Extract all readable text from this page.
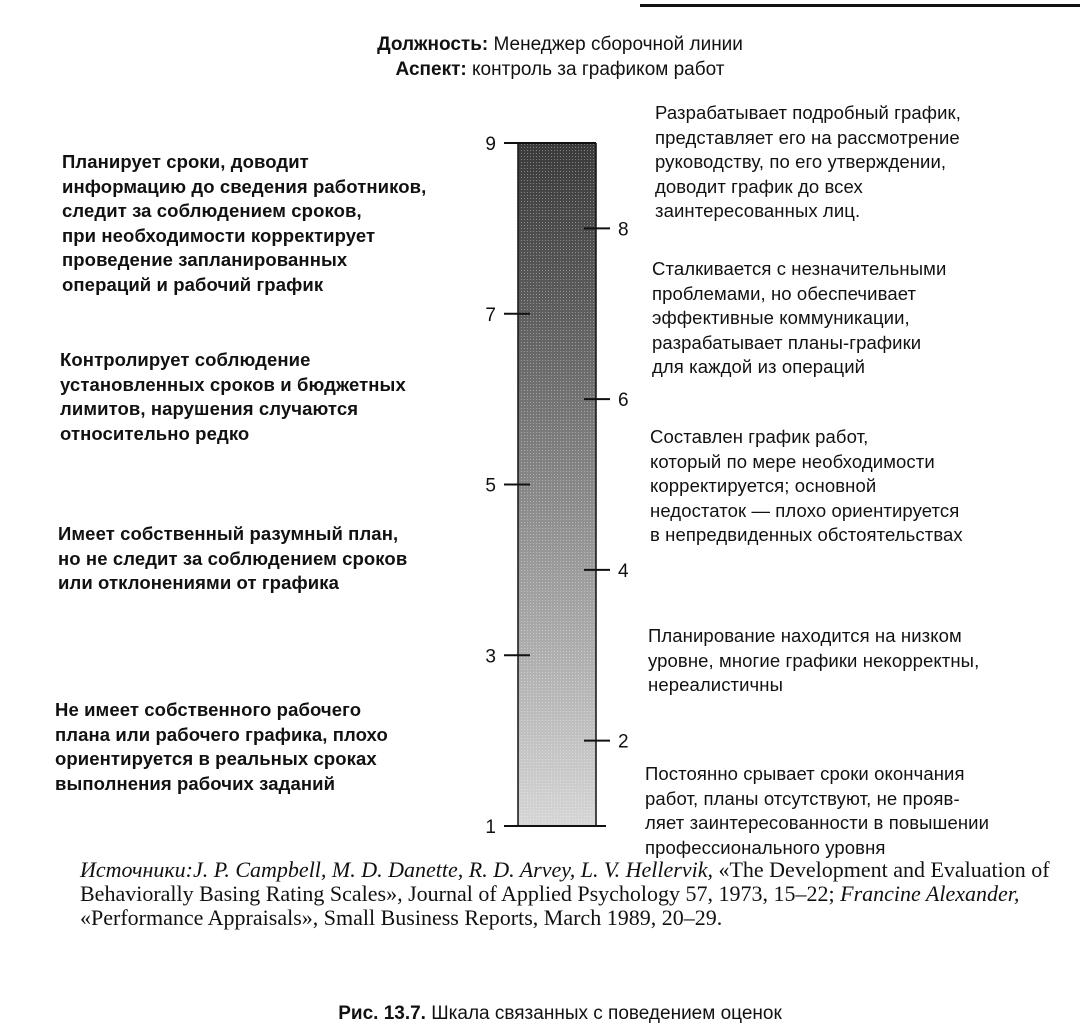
Должность: Менеджер сборочной линии
Аспект: контроль за графиком работ
9
7
5
3
1
8
6
4
2
Планирует сроки, доводит
информацию до сведения работников,
следит за соблюдением сроков,
при необходимости корректирует
проведение запланированных
операций и рабочий график
Контролирует соблюдение
установленных сроков и бюджетных
лимитов, нарушения случаются
относительно редко
Имеет собственный разумный план,
но не следит за соблюдением сроков
или отклонениями от графика
Не имеет собственного рабочего
плана или рабочего графика, плохо
ориентируется в реальных сроках
выполнения рабочих заданий
Разрабатывает подробный график,
представляет его на рассмотрение
руководству, по его утверждении,
доводит график до всех
заинтересованных лиц.
Сталкивается с незначительными
проблемами, но обеспечивает
эффективные коммуникации,
разрабатывает планы-графики
для каждой из операций
Составлен график работ,
который по мере необходимости
корректируется; основной
недостаток — плохо ориентируется
в непредвиденных обстоятельствах
Планирование находится на низком
уровне, многие графики некорректны,
нереалистичны
Постоянно срывает сроки окончания
работ, планы отсутствуют, не прояв-
ляет заинтересованности в повышении
профессионального уровня
Источники:J. P. Campbell, M. D. Danette, R. D. Arvey, L. V. Hellervik, «The Development and Evaluation of Behaviorally Basing Rating Scales», Journal of Applied Psychology 57, 1973, 15–22; Francine Alexander, «Performance Appraisals», Small Business Reports, March 1989, 20–29.
Рис. 13.7. Шкала связанных с поведением оценок
